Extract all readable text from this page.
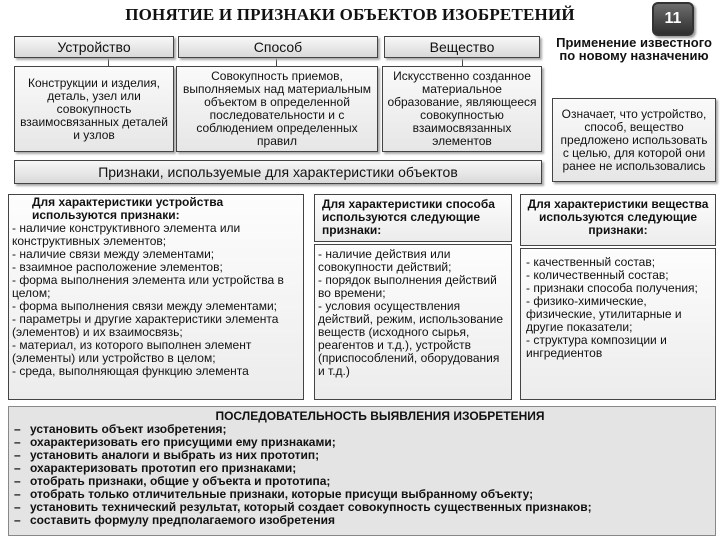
ПОНЯТИЕ И ПРИЗНАКИ ОБЪЕКТОВ ИЗОБРЕТЕНИЙ	11
Устройство	Способ	Вещество	Применение известного по новому назначению
Конструкции и изделия, деталь, узел или совокупность взаимосвязанных деталей и узлов
Совокупность приемов, выполняемых над материальным объектом в определенной последовательности и с соблюдением определенных правил
Искусственно созданное материальное образование, являющееся совокупностью взаимосвязанных элементов
Означает, что устройство, способ, вещество предложено использовать с целью, для которой они ранее не использовались
Признаки, используемые для характеристики объектов
Для характеристики устройства используются признаки:
- наличие конструктивного элемента или конструктивных элементов;
- наличие связи между элементами;
- взаимное расположение элементов;
- форма выполнения элемента или устройства в целом;
- форма выполнения связи между элементами;
- параметры и другие характеристики элемента (элементов) и их взаимосвязь;
- материал, из которого выполнен элемент (элементы) или устройство в целом;
- среда, выполняющая функцию элемента
Для характеристики способа используются следующие признаки:
- наличие действия или совокупности действий;
- порядок выполнения действий во времени;
- условия осуществления действий, режим, использование веществ (исходного сырья, реагентов и т.д.), устройств (приспособлений, оборудования и т.д.)
Для характеристики вещества используются следующие признаки:
- качественный состав;
- количественный состав;
- признаки способа получения;
- физико-химические, физические, утилитарные и другие показатели;
- структура композиции и ингредиентов
ПОСЛЕДОВАТЕЛЬНОСТЬ ВЫЯВЛЕНИЯ ИЗОБРЕТЕНИЯ
– установить объект изобретения;
– охарактеризовать его присущими ему признаками;
– установить аналоги и выбрать из них прототип;
– охарактеризовать прототип его признаками;
– отобрать признаки, общие у объекта и прототипа;
– отобрать только отличительные признаки, которые присущи выбранному объекту;
– установить технический результат, который создает совокупность существенных признаков;
– составить формулу предполагаемого изобретения
